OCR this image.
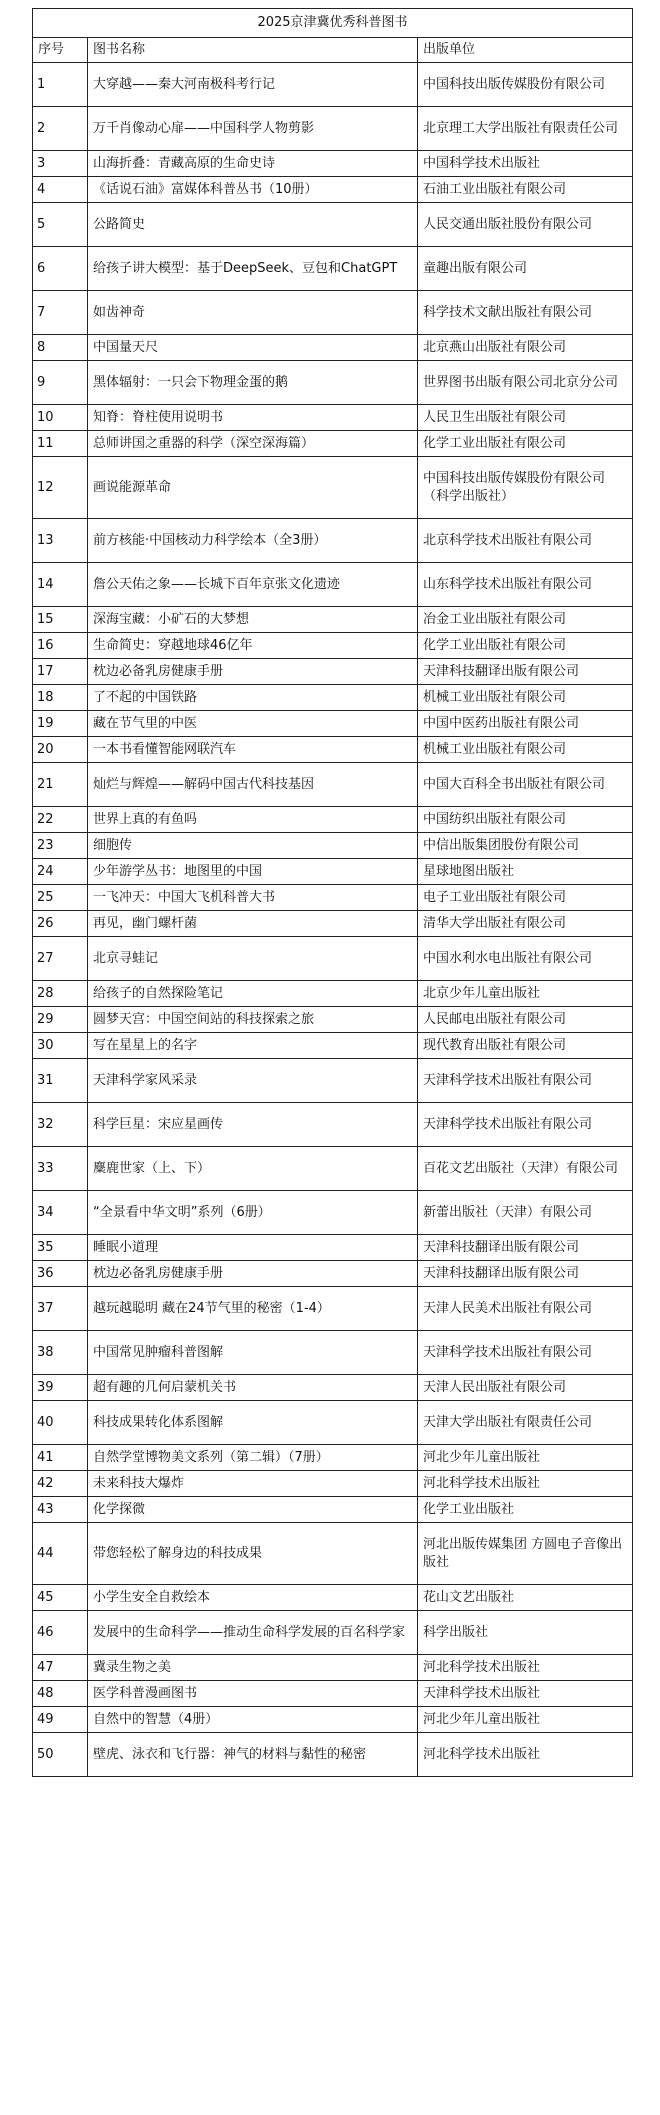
2025京津冀优秀科普图书		
序号	图书名称	出版单位
1	大穿越——秦大河南极科考行记	中国科技出版传媒股份有限公司
2	万千肖像动心扉——中国科学人物剪影	北京理工大学出版社有限责任公司
3	山海折叠：青藏高原的生命史诗	中国科学技术出版社
4	《话说石油》富媒体科普丛书（10册）	石油工业出版社有限公司
5	公路简史	人民交通出版社股份有限公司
6	给孩子讲大模型：基于DeepSeek、豆包和ChatGPT	童趣出版有限公司
7	如齿神奇	科学技术文献出版社有限公司
8	中国量天尺	北京燕山出版社有限公司
9	黑体辐射：一只会下物理金蛋的鹅	世界图书出版有限公司北京分公司
10	知脊：脊柱使用说明书	人民卫生出版社有限公司
11	总师讲国之重器的科学（深空深海篇）	化学工业出版社有限公司
12	画说能源革命	中国科技出版传媒股份有限公司 （科学出版社）
13	前方核能·中国核动力科学绘本（全3册）	北京科学技术出版社有限公司
14	詹公天佑之象——长城下百年京张文化遗迹	山东科学技术出版社有限公司
15	深海宝藏：小矿石的大梦想	冶金工业出版社有限公司
16	生命简史：穿越地球46亿年	化学工业出版社有限公司
17	枕边必备乳房健康手册	天津科技翻译出版有限公司
18	了不起的中国铁路	机械工业出版社有限公司
19	藏在节气里的中医	中国中医药出版社有限公司
20	一本书看懂智能网联汽车	机械工业出版社有限公司
21	灿烂与辉煌——解码中国古代科技基因	中国大百科全书出版社有限公司
22	世界上真的有鱼吗	中国纺织出版社有限公司
23	细胞传	中信出版集团股份有限公司
24	少年游学丛书：地图里的中国	星球地图出版社
25	一飞冲天：中国大飞机科普大书	电子工业出版社有限公司
26	再见，幽门螺杆菌	清华大学出版社有限公司
27	北京寻蛙记	中国水利水电出版社有限公司
28	给孩子的自然探险笔记	北京少年儿童出版社
29	圆梦天宫：中国空间站的科技探索之旅	人民邮电出版社有限公司
30	写在星星上的名字	现代教育出版社有限公司
31	天津科学家风采录	天津科学技术出版社有限公司
32	科学巨星：宋应星画传	天津科学技术出版社有限公司
33	麋鹿世家（上、下）	百花文艺出版社（天津）有限公司
34	“全景看中华文明”系列（6册）	新蕾出版社（天津）有限公司
35	睡眠小道理	天津科技翻译出版有限公司
36	枕边必备乳房健康手册	天津科技翻译出版有限公司
37	越玩越聪明 藏在24节气里的秘密（1-4）	天津人民美术出版社有限公司
38	中国常见肿瘤科普图解	天津科学技术出版社有限公司
39	超有趣的几何启蒙机关书	天津人民出版社有限公司
40	科技成果转化体系图解	天津大学出版社有限责任公司
41	自然学堂博物美文系列（第二辑）（7册）	河北少年儿童出版社
42	未来科技大爆炸	河北科学技术出版社
43	化学探微	化学工业出版社
44	带您轻松了解身边的科技成果	河北出版传媒集团 方圆电子音像出版社
45	小学生安全自救绘本	花山文艺出版社
46	发展中的生命科学——推动生命科学发展的百名科学家	科学出版社
47	冀录生物之美	河北科学技术出版社
48	医学科普漫画图书	天津科学技术出版社
49	自然中的智慧（4册）	河北少年儿童出版社
50	壁虎、泳衣和飞行器：神气的材料与黏性的秘密	河北科学技术出版社
